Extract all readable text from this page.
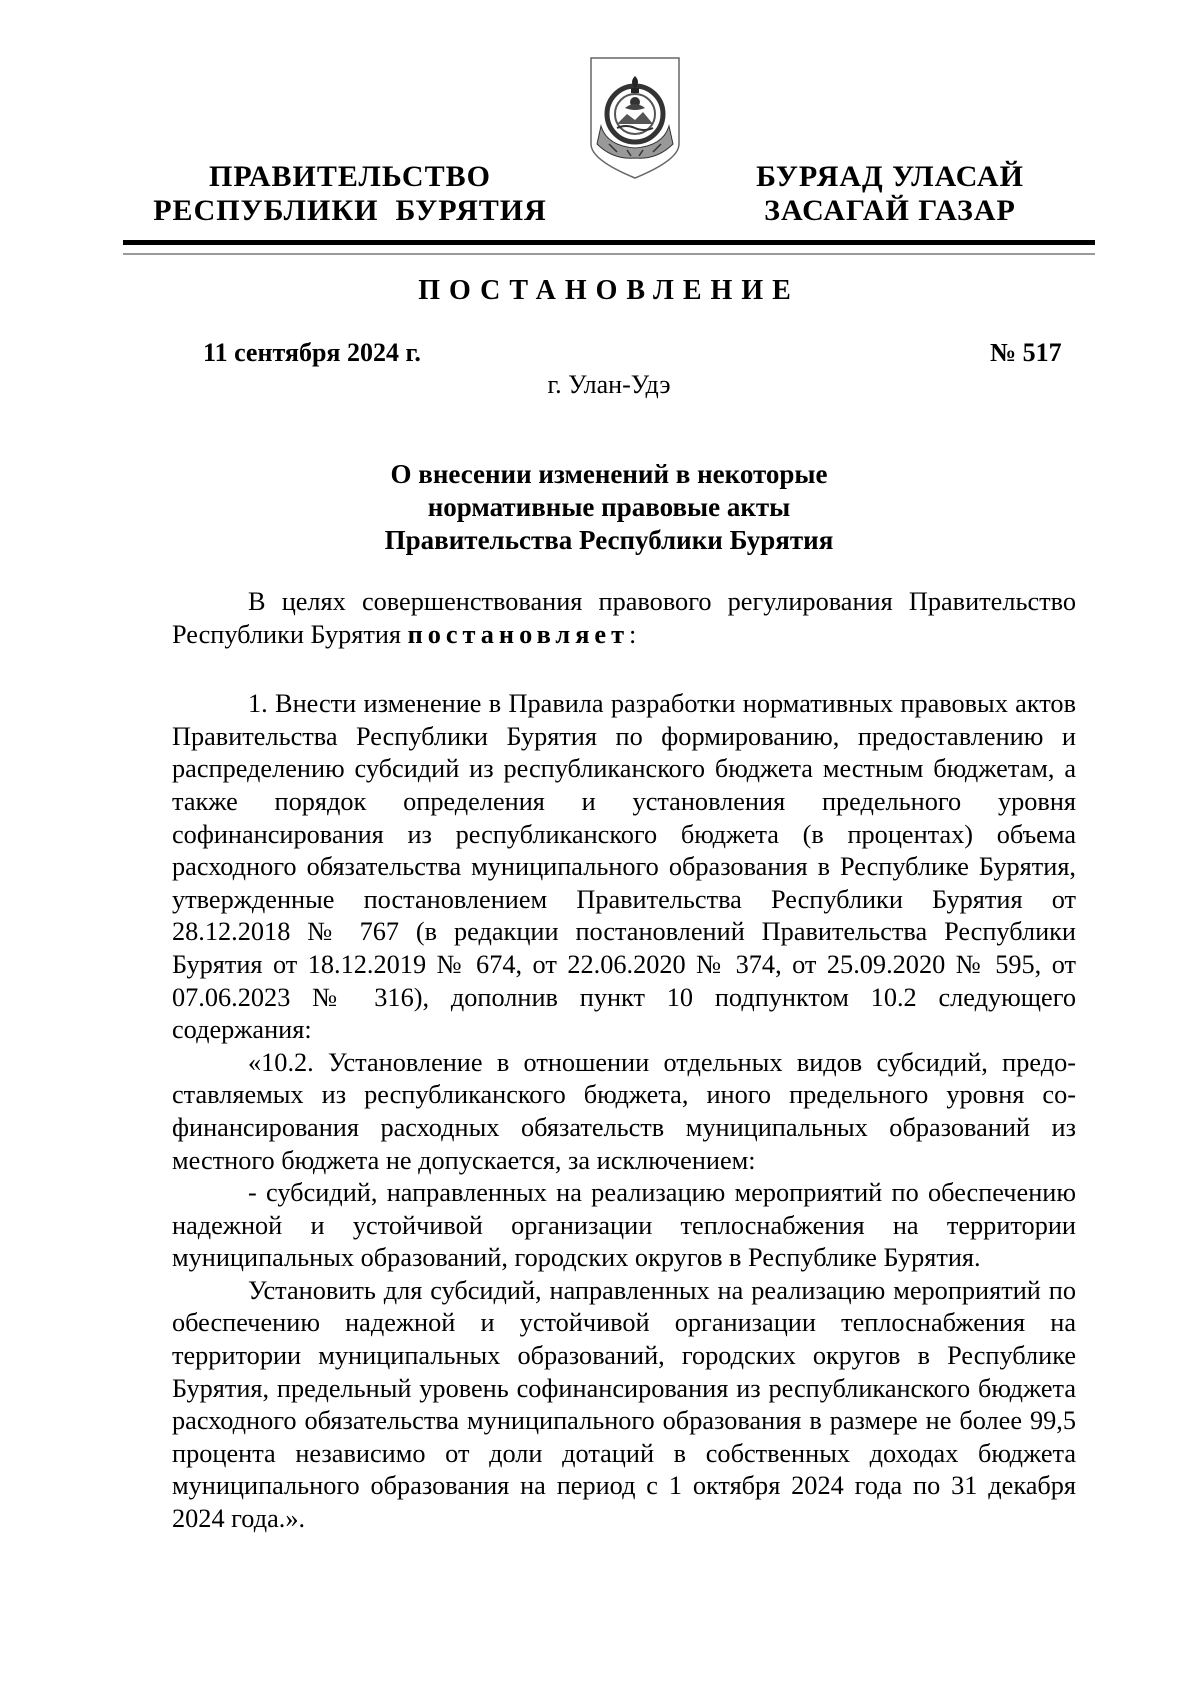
ПРАВИТЕЛЬСТВО
РЕСПУБЛИКИ  БУРЯТИЯ
БУРЯАД УЛАСАЙ
ЗАСАГАЙ ГАЗАР
ПОСТАНОВЛЕНИЕ
11 сентября 2024 г.	№ 517
г. Улан-Удэ
О внесении изменений в некоторые
нормативные правовые акты
Правительства Республики Бурятия

В целях совершенствования правового регулирования Правительство Республики Бурятия постановляет:

1. Внести изменение в Правила разработки нормативных правовых актов Правительства Республики Бурятия по формированию, предоставлению и распределению субсидий из республиканского бюджета местным бюджетам, а также порядок определения и установления предельного уровня софинансирования из республиканского бюджета (в процентах) объема расходного обязательства муниципального образования в Республике Бурятия, утвержденные постановлением Правительства Республики Бурятия от 28.12.2018 № 767 (в редакции постановлений Правительства Республики Бурятия от 18.12.2019 № 674, от 22.06.2020 № 374, от 25.09.2020 № 595, от 07.06.2023 № 316), дополнив пункт 10 подпунктом 10.2 следующего содержания:

«10.2. Установление в отношении отдельных видов субсидий, предоставляемых из республиканского бюджета, иного предельного уровня софинансирования расходных обязательств муниципальных образований из местного бюджета не допускается, за исключением:

- субсидий, направленных на реализацию мероприятий по обеспечению надежной и устойчивой организации теплоснабжения на территории муниципальных образований, городских округов в Республике Бурятия.

Установить для субсидий, направленных на реализацию мероприятий по обеспечению надежной и устойчивой организации теплоснабжения на территории муниципальных образований, городских округов в Республике Бурятия, предельный уровень софинансирования из республиканского бюджета расходного обязательства муниципального образования в размере не более 99,5 процента независимо от доли дотаций в собственных доходах бюджета муниципального образования на период с 1 октября 2024 года по 31 декабря 2024 года.».
